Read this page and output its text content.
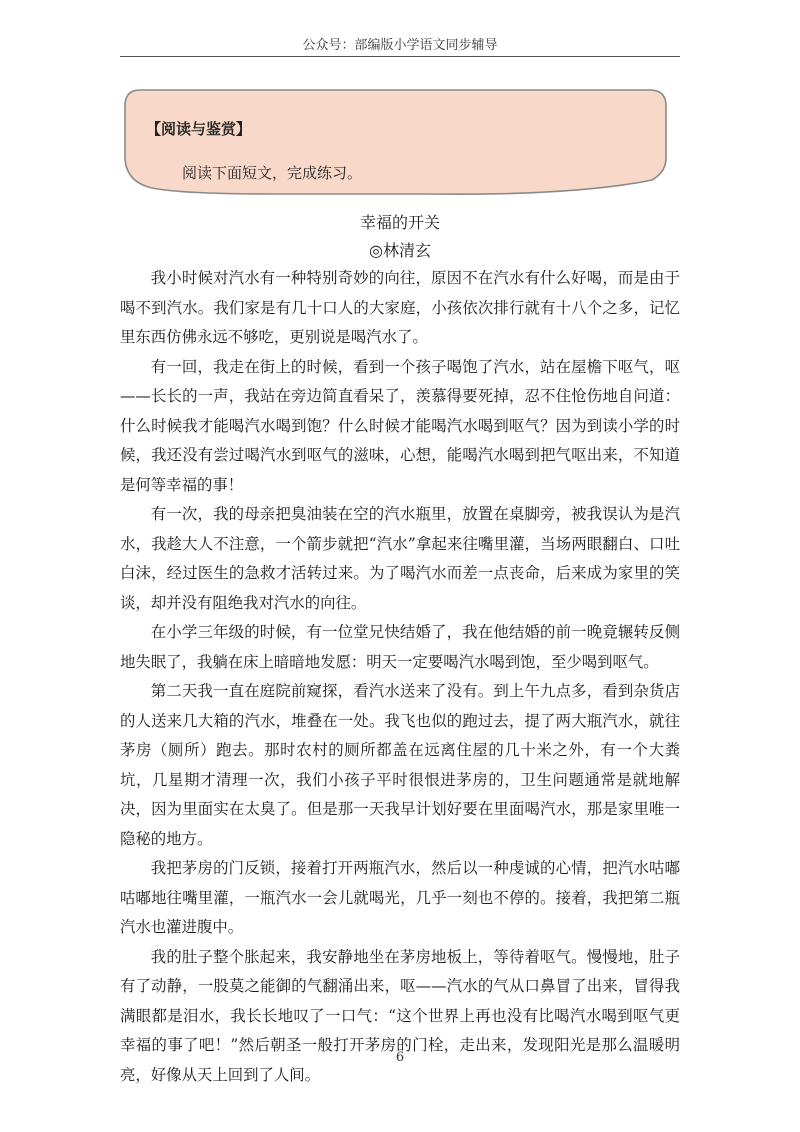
公众号：部编版小学语文同步辅导
【阅读与鉴赏】
阅读下面短文，完成练习。
幸福的开关
◎林清玄

我小时候对汽水有一种特别奇妙的向往，原因不在汽水有什么好喝，而是由于喝不到汽水。我们家是有几十口人的大家庭，小孩依次排行就有十八个之多，记忆里东西仿佛永远不够吃，更别说是喝汽水了。

有一回，我走在街上的时候，看到一个孩子喝饱了汽水，站在屋檐下呕气，呕——长长的一声，我站在旁边简直看呆了，羡慕得要死掉，忍不住怆伤地自问道：什么时候我才能喝汽水喝到饱？什么时候才能喝汽水喝到呕气？因为到读小学的时候，我还没有尝过喝汽水到呕气的滋味，心想，能喝汽水喝到把气呕出来，不知道是何等幸福的事！

有一次，我的母亲把臭油装在空的汽水瓶里，放置在桌脚旁，被我误认为是汽水，我趁大人不注意，一个箭步就把“汽水”拿起来往嘴里灌，当场两眼翻白、口吐白沫，经过医生的急救才活转过来。为了喝汽水而差一点丧命，后来成为家里的笑谈，却并没有阻绝我对汽水的向往。

在小学三年级的时候，有一位堂兄快结婚了，我在他结婚的前一晚竟辗转反侧地失眠了，我躺在床上暗暗地发愿：明天一定要喝汽水喝到饱，至少喝到呕气。

第二天我一直在庭院前窥探，看汽水送来了没有。到上午九点多，看到杂货店的人送来几大箱的汽水，堆叠在一处。我飞也似的跑过去，提了两大瓶汽水，就往茅房（厕所）跑去。那时农村的厕所都盖在远离住屋的几十米之外，有一个大粪坑，几星期才清理一次，我们小孩子平时很恨进茅房的，卫生问题通常是就地解决，因为里面实在太臭了。但是那一天我早计划好要在里面喝汽水，那是家里唯一隐秘的地方。

我把茅房的门反锁，接着打开两瓶汽水，然后以一种虔诚的心情，把汽水咕嘟咕嘟地往嘴里灌，一瓶汽水一会儿就喝光，几乎一刻也不停的。接着，我把第二瓶汽水也灌进腹中。

我的肚子整个胀起来，我安静地坐在茅房地板上，等待着呕气。慢慢地，肚子有了动静，一股莫之能御的气翻涌出来，呕——汽水的气从口鼻冒了出来，冒得我满眼都是泪水，我长长地叹了一口气：“这个世界上再也没有比喝汽水喝到呕气更幸福的事了吧！”然后朝圣一般打开茅房的门栓，走出来，发现阳光是那么温暖明亮，好像从天上回到了人间。

6
